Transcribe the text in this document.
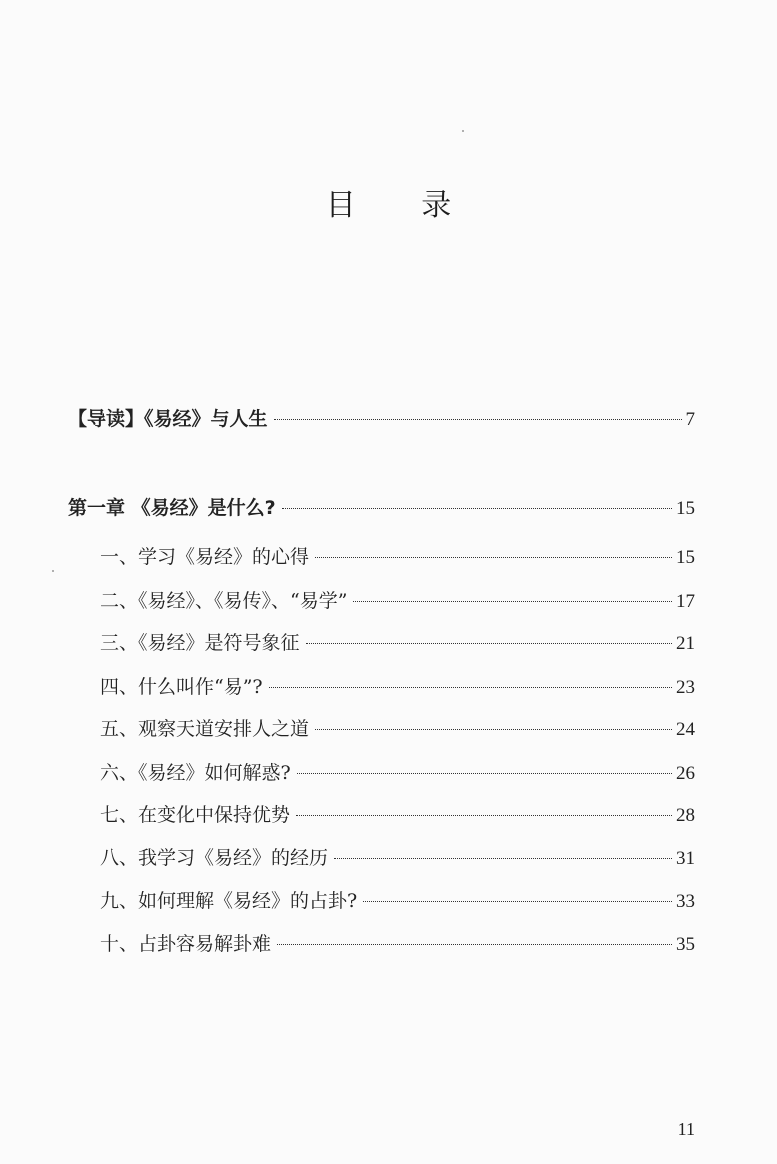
目 录
【导读】《易经》与人生	7
第一章 《易经》是什么?	15
一、学习《易经》的心得	15
二、《易经》、《易传》、“易学”	17
三、《易经》是符号象征	21
四、什么叫作“易”?	23
五、观察天道安排人之道	24
六、《易经》如何解惑?	26
七、在变化中保持优势	28
八、我学习《易经》的经历	31
九、如何理解《易经》的占卦?	33
十、占卦容易解卦难	35
11
